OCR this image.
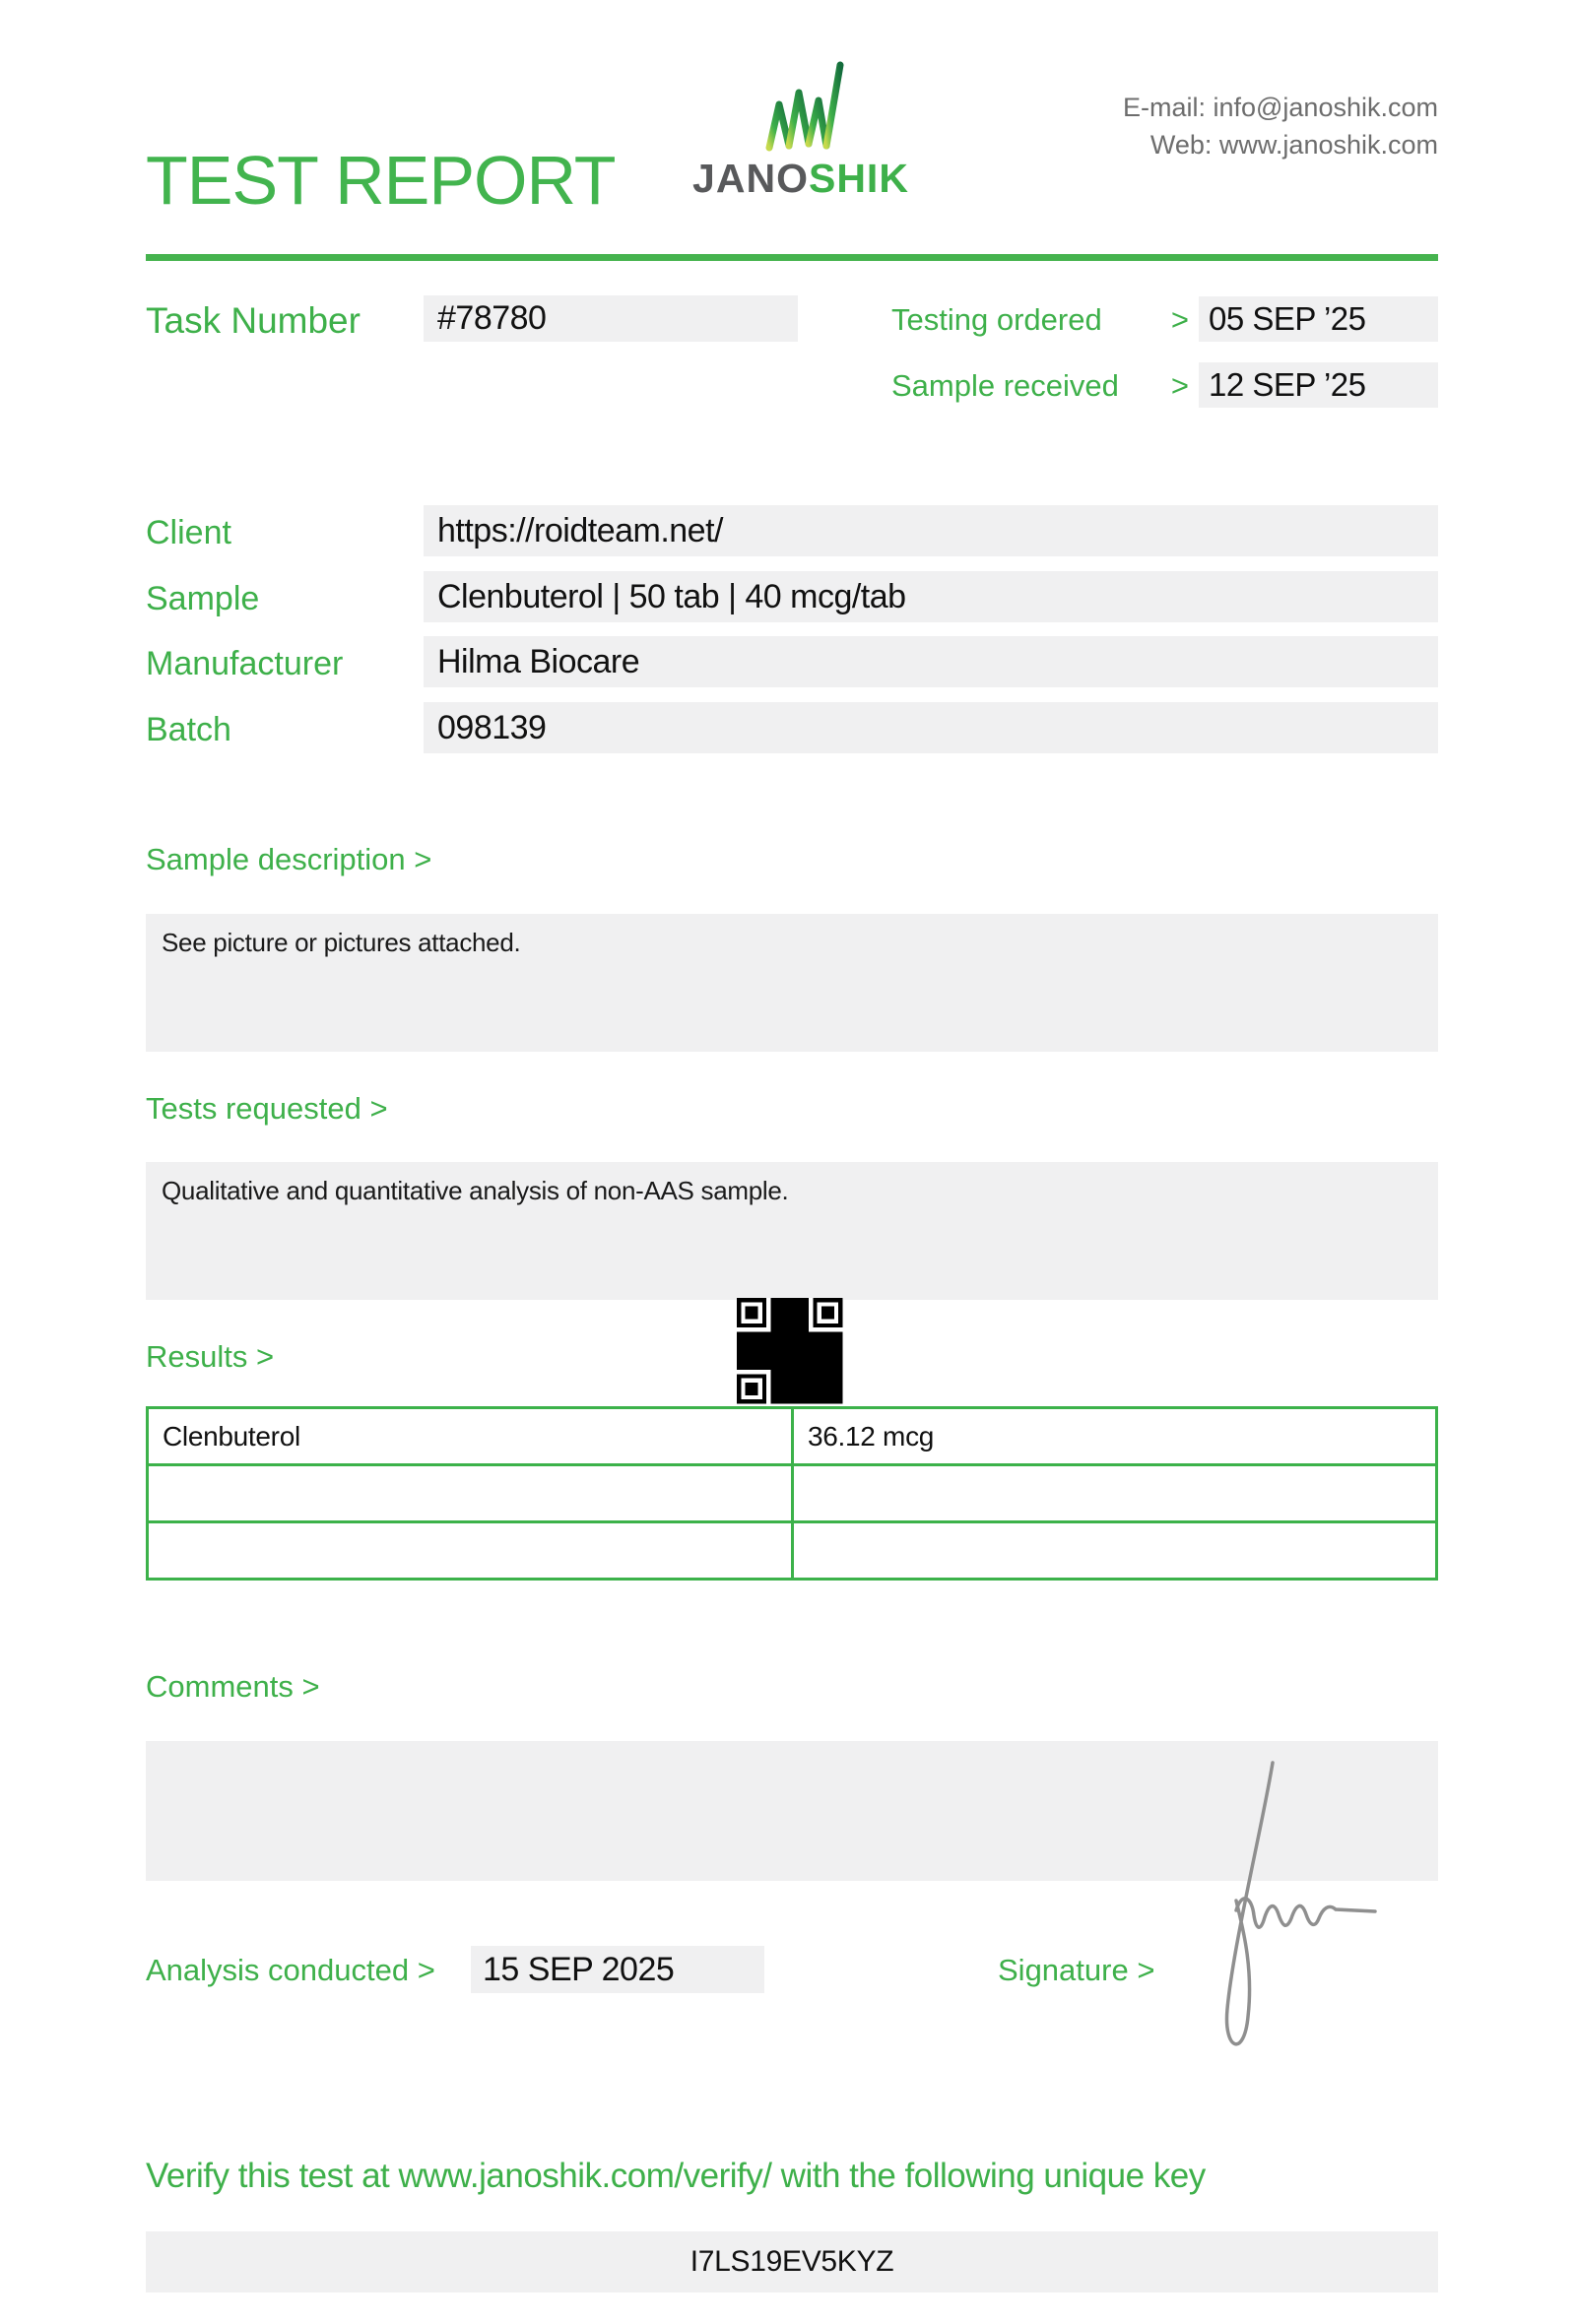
TEST REPORT	JANOSHIK
E-mail: info@janoshik.com
Web: www.janoshik.com
Task Number	#78780	Testing ordered > 05 SEP ’25
Sample received > 12 SEP ’25
Client	https://roidteam.net/
Sample	Clenbuterol | 50 tab | 40 mcg/tab
Manufacturer	Hilma Biocare
Batch	098139
Sample description >
See picture or pictures attached.
Tests requested >
Qualitative and quantitative analysis of non-AAS sample.
Results >
Clenbuterol	36.12 mcg
Comments >
Analysis conducted >	15 SEP 2025	Signature >
Verify this test at www.janoshik.com/verify/ with the following unique key
I7LS19EV5KYZ
